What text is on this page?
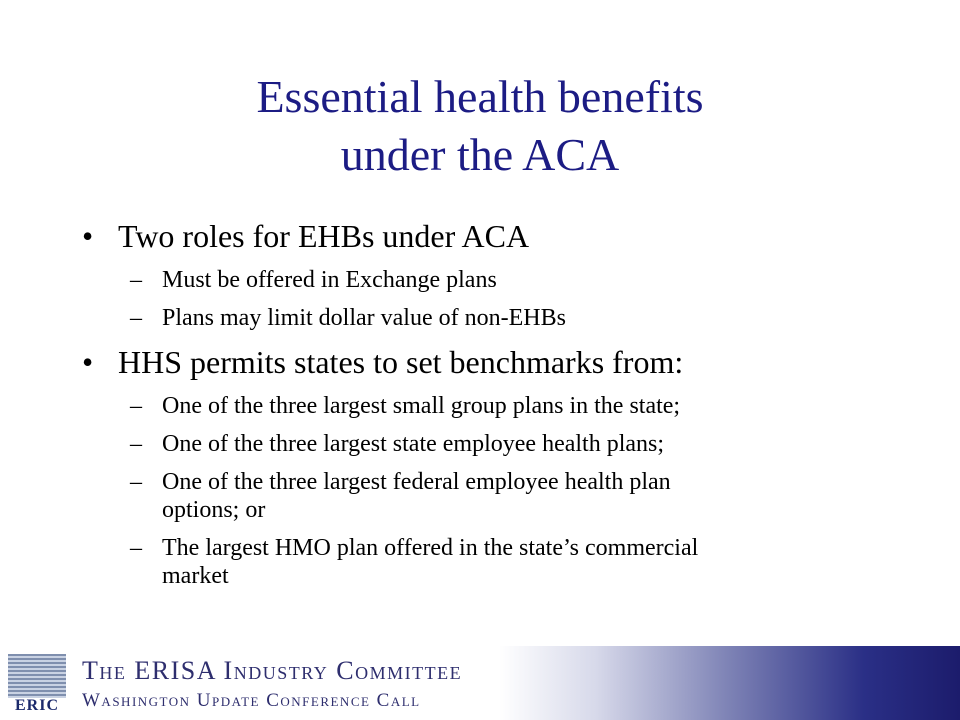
Essential health benefits
under the ACA
• Two roles for EHBs under ACA
– Must be offered in Exchange plans
– Plans may limit dollar value of non-EHBs
• HHS permits states to set benchmarks from:
– One of the three largest small group plans in the state;
– One of the three largest state employee health plans;
– One of the three largest federal employee health plan
options; or
– The largest HMO plan offered in the state’s commercial
market
ERIC
The ERISA Industry Committee
Washington Update Conference Call
